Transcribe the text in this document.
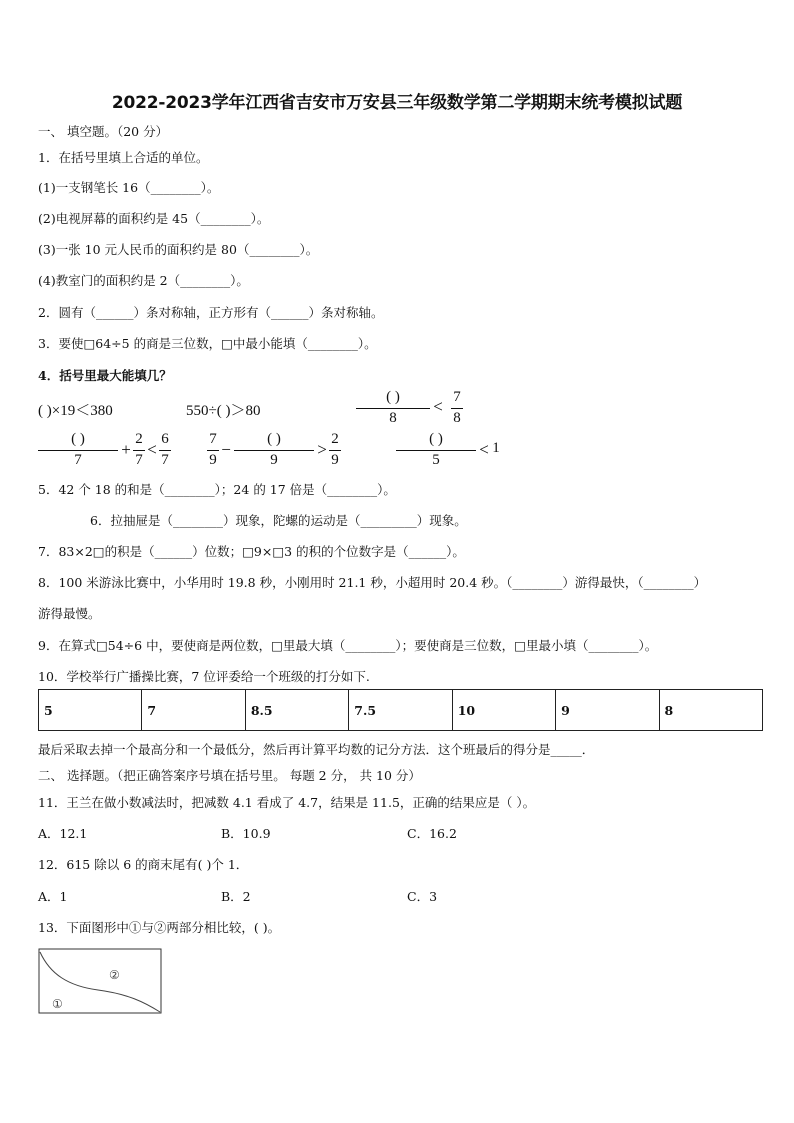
2022-2023学年江西省吉安市万安县三年级数学第二学期期末统考模拟试题
一、 填空题。（20 分）
1．在括号里填上合适的单位。
(1)一支钢笔长 16（________）。
(2)电视屏幕的面积约是 45（________）。
(3)一张 10 元人民币的面积约是 80（________）。
(4)教室门的面积约是 2（________）。
2．圆有（______）条对称轴，正方形有（______）条对称轴。
3．要使□64÷5 的商是三位数，□中最小能填（________）。
4．括号里最大能填几？
( )×19＜380	550÷( )＞80
( )
8
< 7
8
( )
7
+
2
7
<
6
7
7
9
−
( )
9
>
2
9
( )
5
< 1
5．42 个 18 的和是（________）；24 的 17 倍是（________）。
6．拉抽屉是（________）现象，陀螺的运动是（_________）现象。
7．83×2□的积是（______）位数；□9×□3 的积的个位数字是（______）。
8．100 米游泳比赛中，小华用时 19.8 秒，小刚用时 21.1 秒，小超用时 20.4 秒。（________）游得最快，（________）
游得最慢。
9．在算式□54÷6 中，要使商是两位数，□里最大填（________）；要使商是三位数，□里最小填（________）。
10．学校举行广播操比赛，7 位评委给一个班级的打分如下.
5	7	8.5	7.5	10	9	8
最后采取去掉一个最高分和一个最低分，然后再计算平均数的记分方法．这个班最后的得分是_____．
二、 选择题。（把正确答案序号填在括号里。 每题 2 分， 共 10 分）
11．王兰在做小数减法时，把减数 4.1 看成了 4.7，结果是 11.5，正确的结果应是（ ）。
A．12.1	B．10.9	C．16.2
12．615 除以 6 的商末尾有( )个 1．
A．1	B．2	C．3
13．下面图形中①与②两部分相比较，( )。
②
①
